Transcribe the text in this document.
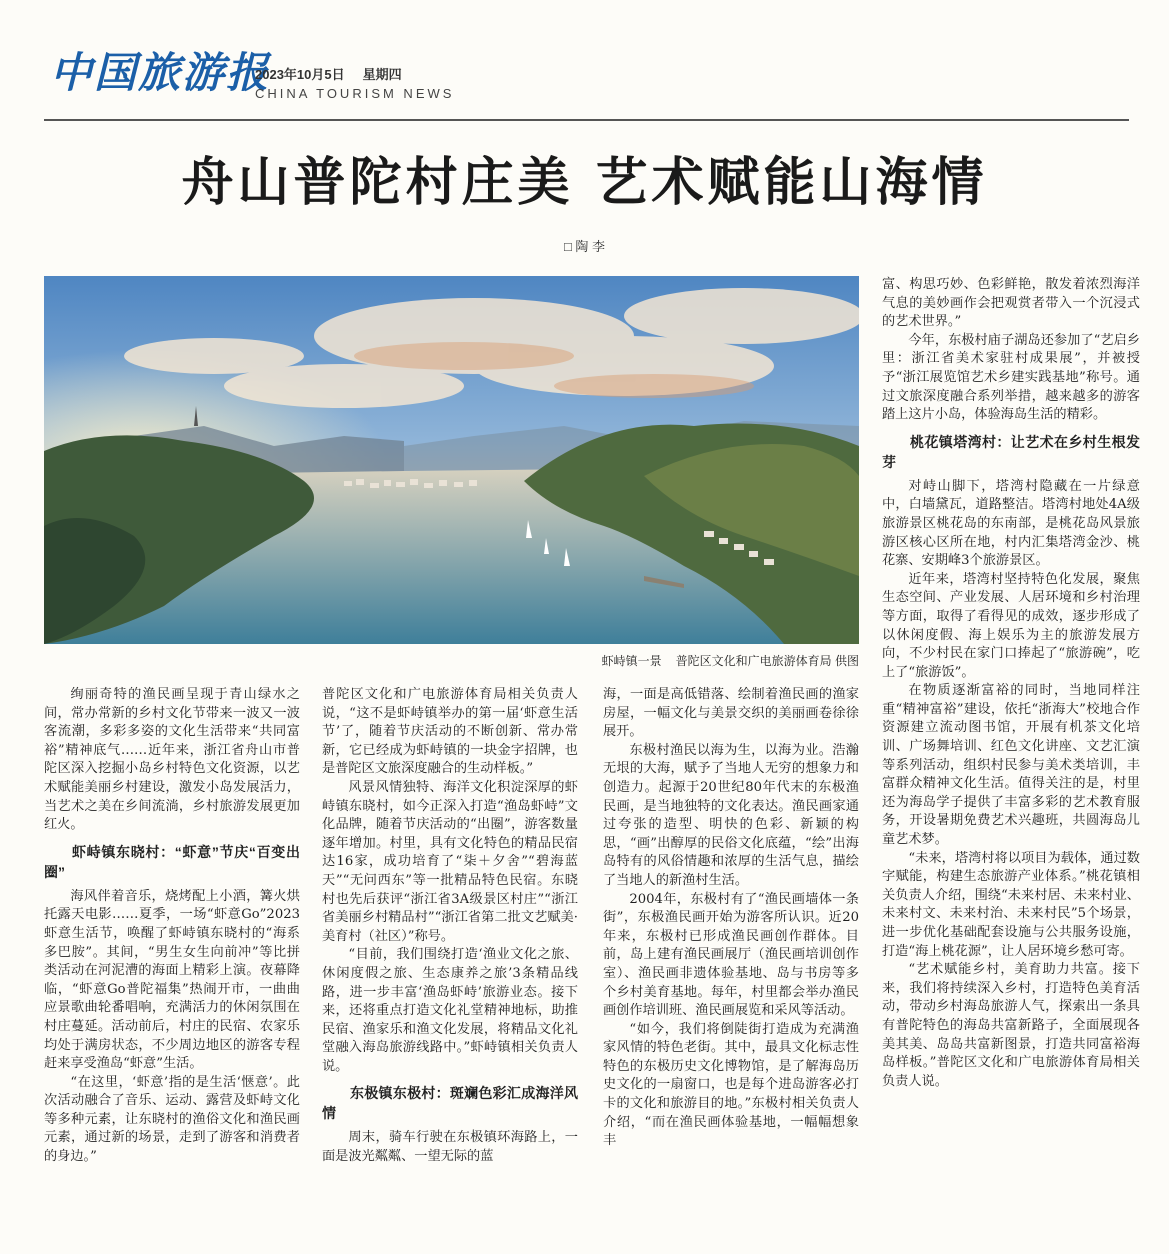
中国旅游报
2023年10月5日 星期四
CHINA TOURISM NEWS
舟山普陀村庄美 艺术赋能山海情
□ 陶 李
虾峙镇一景 普陀区文化和广电旅游体育局 供图

绚丽奇特的渔民画呈现于青山绿水之间，常办常新的乡村文化节带来一波又一波客流潮，多彩多姿的文化生活带来“共同富裕”精神底气……近年来，浙江省舟山市普陀区深入挖掘小岛乡村特色文化资源，以艺术赋能美丽乡村建设，激发小岛发展活力，当艺术之美在乡间流淌，乡村旅游发展更加红火。

虾峙镇东晓村：“虾意”节庆“百变出圈”

海风伴着音乐，烧烤配上小酒，篝火烘托露天电影……夏季，一场“虾意Go”2023虾意生活节，唤醒了虾峙镇东晓村的“海系多巴胺”。其间，“男生女生向前冲”等比拼类活动在河泥漕的海面上精彩上演。夜幕降临，“虾意Go普陀福集”热闹开市，一曲曲应景歌曲轮番唱响，充满活力的休闲氛围在村庄蔓延。活动前后，村庄的民宿、农家乐均处于满房状态，不少周边地区的游客专程赶来享受渔岛“虾意”生活。

“在这里，‘虾意’指的是生活‘惬意’。此次活动融合了音乐、运动、露营及虾峙文化等多种元素，让东晓村的渔俗文化和渔民画元素，通过新的场景，走到了游客和消费者的身边。”

普陀区文化和广电旅游体育局相关负责人说，“这不是虾峙镇举办的第一届‘虾意生活节’了，随着节庆活动的不断创新、常办常新，它已经成为虾峙镇的一块金字招牌，也是普陀区文旅深度融合的生动样板。”

风景风情独特、海洋文化积淀深厚的虾峙镇东晓村，如今正深入打造“渔岛虾峙”文化品牌，随着节庆活动的“出圈”，游客数量逐年增加。村里，具有文化特色的精品民宿达16家，成功培育了“柒＋夕舍”“碧海蓝天”“无问西东”等一批精品特色民宿。东晓村也先后获评“浙江省3A级景区村庄”“浙江省美丽乡村精品村”“浙江省第二批文艺赋美·美育村（社区）”称号。

“目前，我们围绕打造‘渔业文化之旅、休闲度假之旅、生态康养之旅’3条精品线路，进一步丰富‘渔岛虾峙’旅游业态。接下来，还将重点打造文化礼堂精神地标，助推民宿、渔家乐和渔文化发展，将精品文化礼堂融入海岛旅游线路中。”虾峙镇相关负责人说。

东极镇东极村：斑斓色彩汇成海洋风情

周末，骑车行驶在东极镇环海路上，一面是波光粼粼、一望无际的蓝

海，一面是高低错落、绘制着渔民画的渔家房屋，一幅文化与美景交织的美丽画卷徐徐展开。

东极村渔民以海为生，以海为业。浩瀚无垠的大海，赋予了当地人无穷的想象力和创造力。起源于20世纪80年代末的东极渔民画，是当地独特的文化表达。渔民画家通过夸张的造型、明快的色彩、新颖的构思，“画”出醇厚的民俗文化底蕴，“绘”出海岛特有的风俗情趣和浓厚的生活气息，描绘了当地人的新渔村生活。

2004年，东极村有了“渔民画墙体一条街”，东极渔民画开始为游客所认识。近20年来，东极村已形成渔民画创作群体。目前，岛上建有渔民画展厅（渔民画培训创作室）、渔民画非遗体验基地、岛与书房等多个乡村美育基地。每年，村里都会举办渔民画创作培训班、渔民画展览和采风等活动。

“如今，我们将倒陡街打造成为充满渔家风情的特色老街。其中，最具文化标志性特色的东极历史文化博物馆，是了解海岛历史文化的一扇窗口，也是每个进岛游客必打卡的文化和旅游目的地。”东极村相关负责人介绍，“而在渔民画体验基地，一幅幅想象丰

富、构思巧妙、色彩鲜艳，散发着浓烈海洋气息的美妙画作会把观赏者带入一个沉浸式的艺术世界。”

今年，东极村庙子湖岛还参加了“艺启乡里：浙江省美术家驻村成果展”，并被授予“浙江展览馆艺术乡建实践基地”称号。通过文旅深度融合系列举措，越来越多的游客踏上这片小岛，体验海岛生活的精彩。

桃花镇塔湾村：让艺术在乡村生根发芽

对峙山脚下，塔湾村隐藏在一片绿意中，白墙黛瓦，道路整洁。塔湾村地处4A级旅游景区桃花岛的东南部，是桃花岛风景旅游区核心区所在地，村内汇集塔湾金沙、桃花寨、安期峰3个旅游景区。

近年来，塔湾村坚持特色化发展，聚焦生态空间、产业发展、人居环境和乡村治理等方面，取得了看得见的成效，逐步形成了以休闲度假、海上娱乐为主的旅游发展方向，不少村民在家门口捧起了“旅游碗”，吃上了“旅游饭”。

在物质逐渐富裕的同时，当地同样注重“精神富裕”建设，依托“浙海大”校地合作资源建立流动图书馆，开展有机茶文化培训、广场舞培训、红色文化讲座、文艺汇演等系列活动，组织村民参与美术类培训，丰富群众精神文化生活。值得关注的是，村里还为海岛学子提供了丰富多彩的艺术教育服务，开设暑期免费艺术兴趣班，共圆海岛儿童艺术梦。

“未来，塔湾村将以项目为载体，通过数字赋能，构建生态旅游产业体系。”桃花镇相关负责人介绍，围绕“未来村居、未来村业、未来村文、未来村治、未来村民”5个场景，进一步优化基础配套设施与公共服务设施，打造“海上桃花源”，让人居环境乡愁可寄。

“艺术赋能乡村，美育助力共富。接下来，我们将持续深入乡村，打造特色美育活动，带动乡村海岛旅游人气，探索出一条具有普陀特色的海岛共富新路子，全面展现各美其美、岛岛共富新图景，打造共同富裕海岛样板。”普陀区文化和广电旅游体育局相关负责人说。
